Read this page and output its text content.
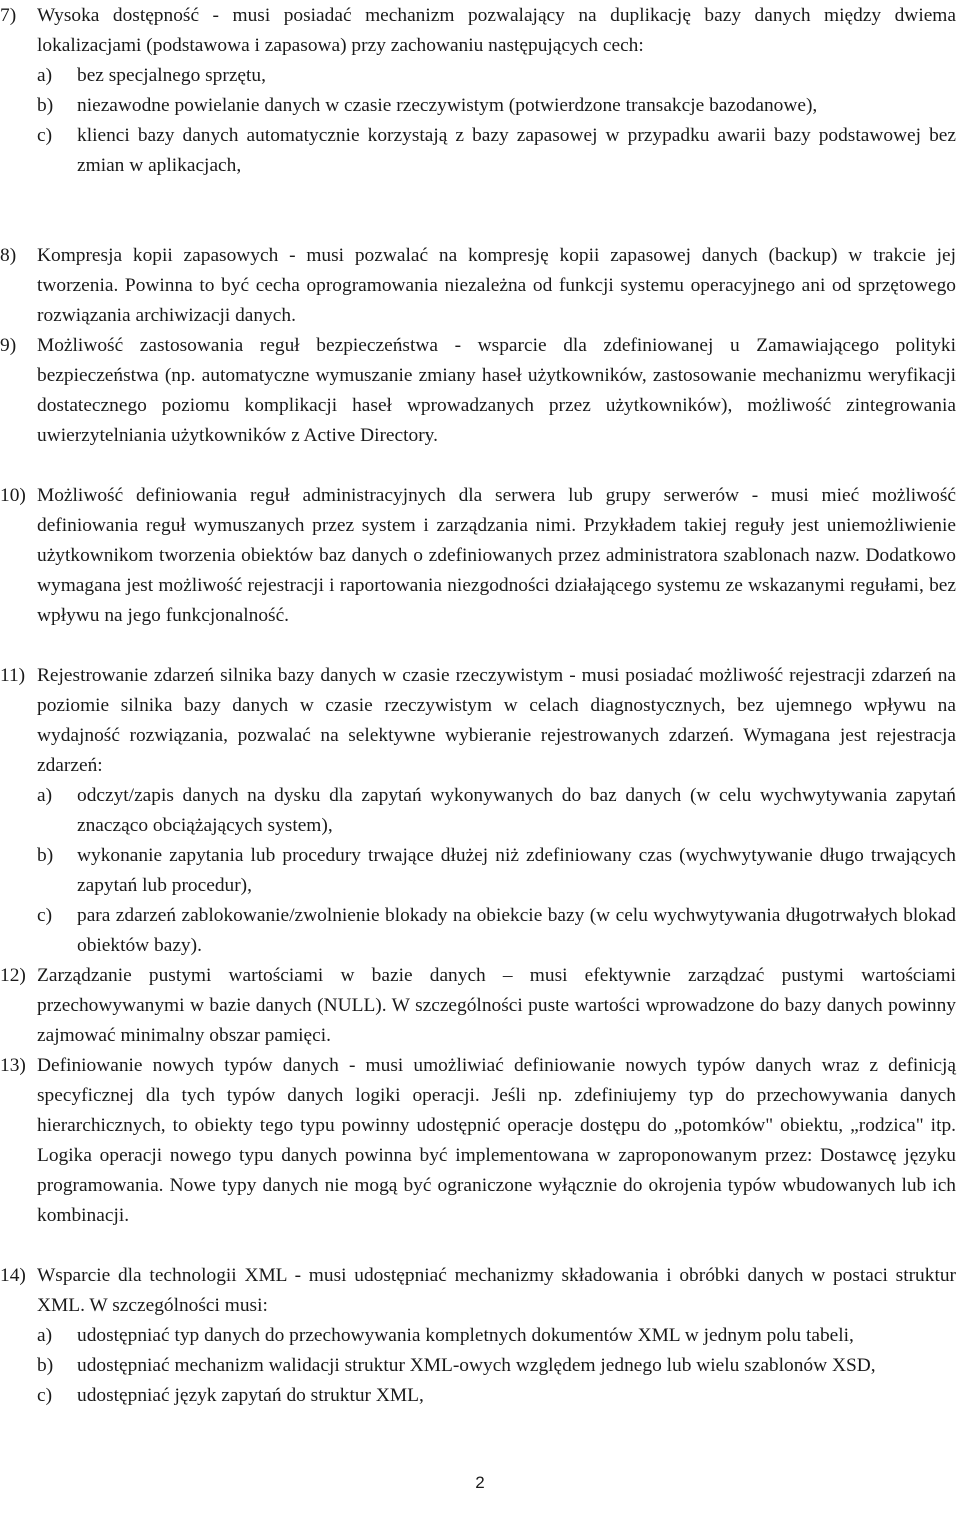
7) Wysoka dostępność - musi posiadać mechanizm pozwalający na duplikację bazy danych między dwiema lokalizacjami (podstawowa i zapasowa) przy zachowaniu następujących cech:
a) bez specjalnego sprzętu,
b) niezawodne powielanie danych w czasie rzeczywistym (potwierdzone transakcje bazodanowe),
c) klienci bazy danych automatycznie korzystają z bazy zapasowej w przypadku awarii bazy podstawowej bez zmian w aplikacjach,
8) Kompresja kopii zapasowych - musi pozwalać na kompresję kopii zapasowej danych (backup) w trakcie jej tworzenia. Powinna to być cecha oprogramowania niezależna od funkcji systemu operacyjnego ani od sprzętowego rozwiązania archiwizacji danych.
9) Możliwość zastosowania reguł bezpieczeństwa - wsparcie dla zdefiniowanej u Zamawiającego polityki bezpieczeństwa (np. automatyczne wymuszanie zmiany haseł użytkowników, zastosowanie mechanizmu weryfikacji dostatecznego poziomu komplikacji haseł wprowadzanych przez użytkowników), możliwość zintegrowania uwierzytelniania użytkowników z Active Directory.
10) Możliwość definiowania reguł administracyjnych dla serwera lub grupy serwerów - musi mieć możliwość definiowania reguł wymuszanych przez system i zarządzania nimi. Przykładem takiej reguły jest uniemożliwienie użytkownikom tworzenia obiektów baz danych o zdefiniowanych przez administratora szablonach nazw. Dodatkowo wymagana jest możliwość rejestracji i raportowania niezgodności działającego systemu ze wskazanymi regułami, bez wpływu na jego funkcjonalność.
11) Rejestrowanie zdarzeń silnika bazy danych w czasie rzeczywistym - musi posiadać możliwość rejestracji zdarzeń na poziomie silnika bazy danych w czasie rzeczywistym w celach diagnostycznych, bez ujemnego wpływu na wydajność rozwiązania, pozwalać na selektywne wybieranie rejestrowanych zdarzeń. Wymagana jest rejestracja zdarzeń:
a) odczyt/zapis danych na dysku dla zapytań wykonywanych do baz danych (w celu wychwytywania zapytań znacząco obciążających system),
b) wykonanie zapytania lub procedury trwające dłużej niż zdefiniowany czas (wychwytywanie długo trwających zapytań lub procedur),
c) para zdarzeń zablokowanie/zwolnienie blokady na obiekcie bazy (w celu wychwytywania długotrwałych blokad obiektów bazy).
12) Zarządzanie pustymi wartościami w bazie danych – musi efektywnie zarządzać pustymi wartościami przechowywanymi w bazie danych (NULL). W szczególności puste wartości wprowadzone do bazy danych powinny zajmować minimalny obszar pamięci.
13) Definiowanie nowych typów danych - musi umożliwiać definiowanie nowych typów danych wraz z definicją specyficznej dla tych typów danych logiki operacji. Jeśli np. zdefiniujemy typ do przechowywania danych hierarchicznych, to obiekty tego typu powinny udostępnić operacje dostępu do „potomków" obiektu, „rodzica" itp. Logika operacji nowego typu danych powinna być implementowana w zaproponowanym przez: Dostawcę języku programowania. Nowe typy danych nie mogą być ograniczone wyłącznie do okrojenia typów wbudowanych lub ich kombinacji.
14) Wsparcie dla technologii XML - musi udostępniać mechanizmy składowania i obróbki danych w postaci struktur XML. W szczególności musi:
a) udostępniać typ danych do przechowywania kompletnych dokumentów XML w jednym polu tabeli,
b) udostępniać mechanizm walidacji struktur XML-owych względem jednego lub wielu szablonów XSD,
c) udostępniać język zapytań do struktur XML,
2
